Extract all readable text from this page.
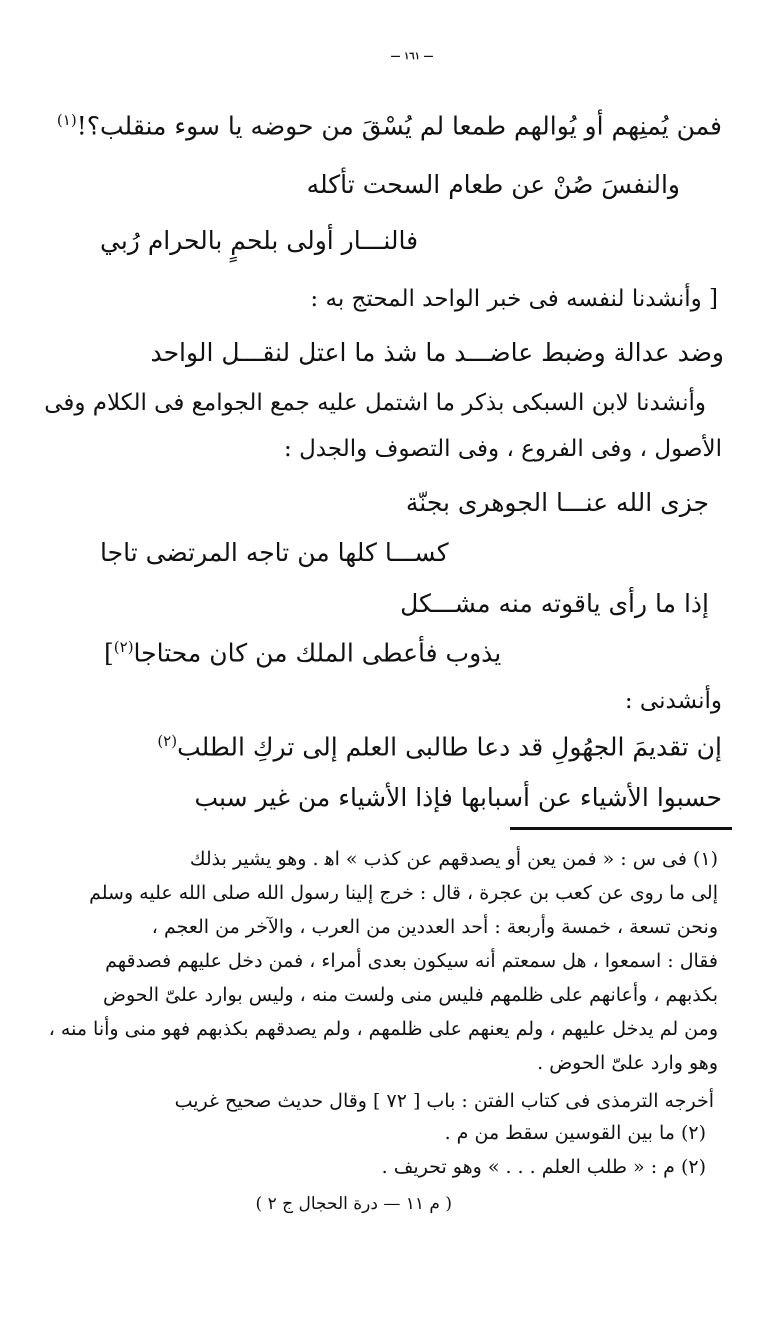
— ١٦١ —
فمن يُمنِهم أو يُوالهم طمعا لم يُسْقَ من حوضه يا سوء منقلب؟!$^{(١)}$
والنفسَ صُنْ عن طعام السحت تأكله
فالنـــار أولى بلحمٍ بالحرام رُبي
[ وأنشدنا لنفسه فى خبر الواحد المحتج به :
وضد عدالة وضبط عاضـــد ما شذ ما اعتل لنقـــل الواحد
وأنشدنا لابن السبكى بذكر ما اشتمل عليه جمع الجوامع فى الكلام وفى
الأصول ، وفى الفروع ، وفى التصوف والجدل :
جزى الله عنـــا الجوهرى بجنّة
كســـا كلها من تاجه المرتضى تاجا
إذا ما رأى ياقوته منه مشـــكل
يذوب فأعطى الملك من كان محتاجا$^{(٢)}$]
وأنشدنى :
إن تقديمَ الجهُولِ قد دعا طالبى العلم إلى تركِ الطلب$^{(٢)}$
حسبوا الأشياء عن أسبابها فإذا الأشياء من غير سبب
(١) فى س : « فمن يعن أو يصدقهم عن كذب » اﻫ . وهو يشير بذلك
إلى ما روى عن كعب بن عجرة ، قال : خرج إلينا رسول الله صلى الله عليه وسلم
ونحن تسعة ، خمسة وأربعة : أحد العددين من العرب ، والآخر من العجم ،
فقال : اسمعوا ، هل سمعتم أنه سيكون بعدى أمراء ، فمن دخل عليهم فصدقهم
بكذبهم ، وأعانهم على ظلمهم فليس منى ولست منه ، وليس بوارد علىّ الحوض
ومن لم يدخل عليهم ، ولم يعنهم على ظلمهم ، ولم يصدقهم بكذبهم فهو منى وأنا منه ،
وهو وارد علىّ الحوض .
أخرجه الترمذى فى كتاب الفتن : باب [ ٧٢ ] وقال حديث صحيح غريب
(٢) ما بين القوسين سقط من م .
(٢) م : « طلب العلم . . . » وهو تحريف .
( م ١١ — درة الحجال ج ٢ )
